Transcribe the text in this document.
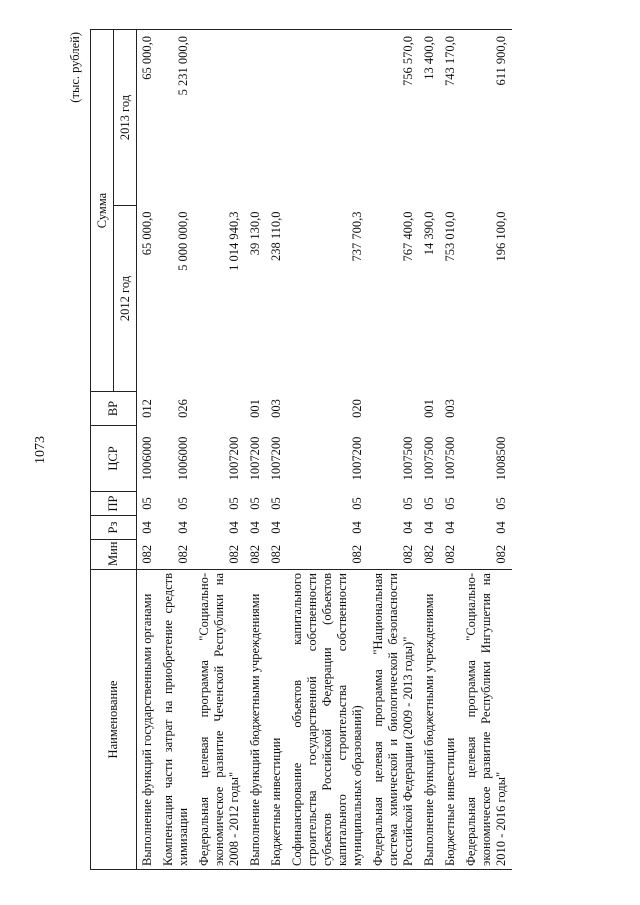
1073
(тыс. рублей)
Наименование	Мин	Рз	ПР	ЦСР	ВР	Сумма	
						2012 год	2013 год
Выполнение функций государственными органами	082	04	05	1006000	012	65 000,0	65 000,0
Компенсация части затрат на приобретение средств химизации	082	04	05	1006000	026	5 000 000,0	5 231 000,0
Федеральная целевая программа "Социально-экономическое развитие Чеченской Республики на 2008 - 2012 годы"	082	04	05	1007200		1 014 940,3	
Выполнение функций бюджетными учреждениями	082	04	05	1007200	001	39 130,0	
Бюджетные инвестиции	082	04	05	1007200	003	238 110,0	
Софинансирование объектов капитального строительства государственной собственности субъектов Российской Федерации (объектов капитального строительства собственности муниципальных образований)	082	04	05	1007200	020	737 700,3	
Федеральная целевая программа "Национальная система химической и биологической безопасности Российской Федерации (2009 - 2013 годы)"	082	04	05	1007500		767 400,0	756 570,0
Выполнение функций бюджетными учреждениями	082	04	05	1007500	001	14 390,0	13 400,0
Бюджетные инвестиции	082	04	05	1007500	003	753 010,0	743 170,0
Федеральная целевая программа "Социально-экономическое развитие Республики Ингушетия на 2010 - 2016 годы"	082	04	05	1008500		196 100,0	611 900,0
